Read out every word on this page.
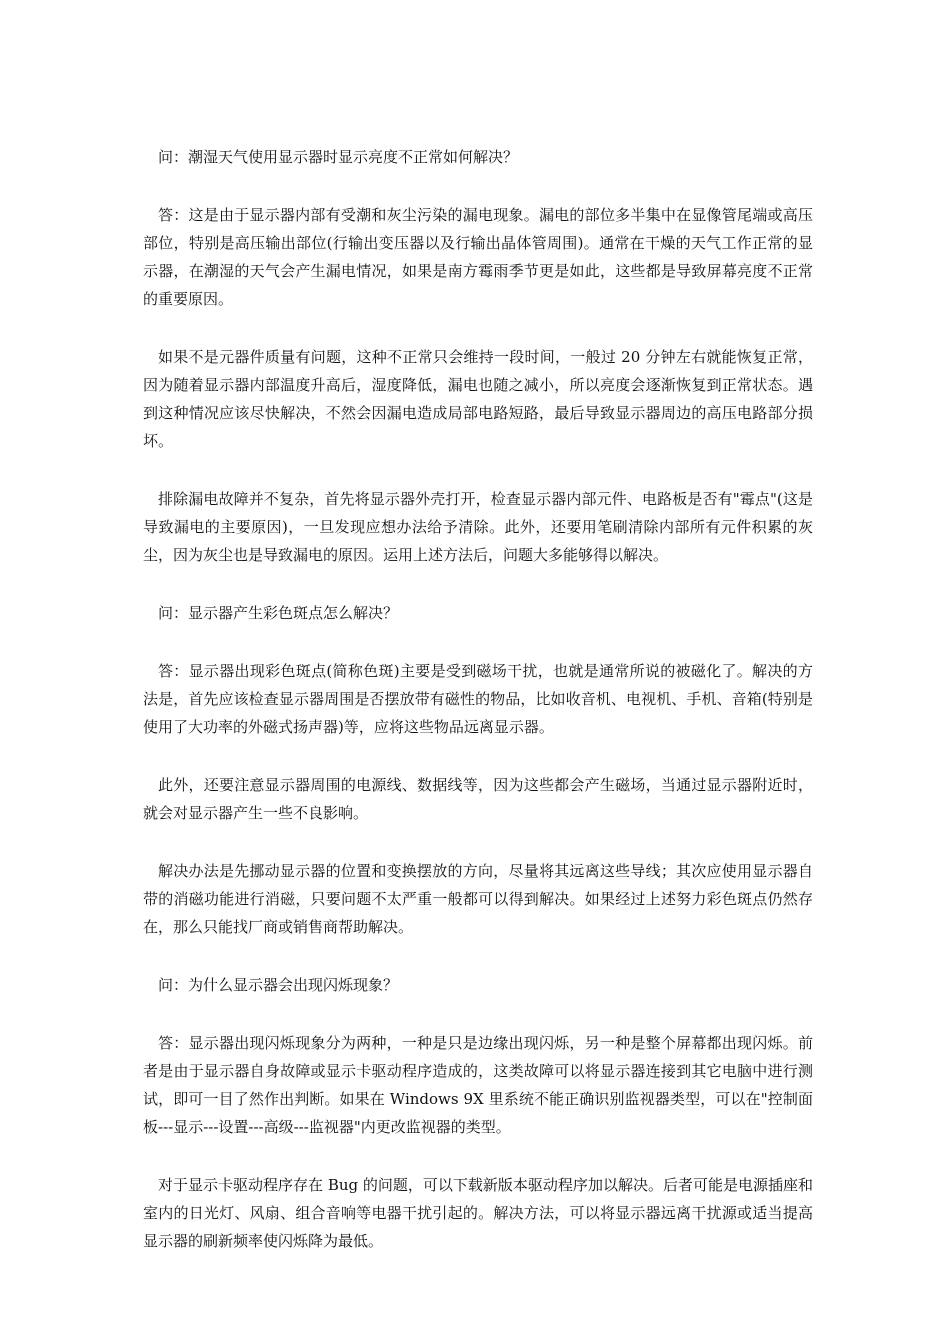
问：潮湿天气使用显示器时显示亮度不正常如何解决？

答：这是由于显示器内部有受潮和灰尘污染的漏电现象。漏电的部位多半集中在显像管尾端或高压部位，特别是高压输出部位(行输出变压器以及行输出晶体管周围)。通常在干燥的天气工作正常的显示器，在潮湿的天气会产生漏电情况，如果是南方霉雨季节更是如此，这些都是导致屏幕亮度不正常的重要原因。

如果不是元器件质量有问题，这种不正常只会维持一段时间，一般过 20 分钟左右就能恢复正常，因为随着显示器内部温度升高后，湿度降低，漏电也随之减小，所以亮度会逐渐恢复到正常状态。遇到这种情况应该尽快解决，不然会因漏电造成局部电路短路，最后导致显示器周边的高压电路部分损坏。

排除漏电故障并不复杂，首先将显示器外壳打开，检查显示器内部元件、电路板是否有"霉点"(这是导致漏电的主要原因)，一旦发现应想办法给予清除。此外，还要用笔刷清除内部所有元件积累的灰尘，因为灰尘也是导致漏电的原因。运用上述方法后，问题大多能够得以解决。

问：显示器产生彩色斑点怎么解决？

答：显示器出现彩色斑点(简称色斑)主要是受到磁场干扰，也就是通常所说的被磁化了。解决的方法是，首先应该检查显示器周围是否摆放带有磁性的物品，比如收音机、电视机、手机、音箱(特别是使用了大功率的外磁式扬声器)等，应将这些物品远离显示器。

此外，还要注意显示器周围的电源线、数据线等，因为这些都会产生磁场，当通过显示器附近时，就会对显示器产生一些不良影响。

解决办法是先挪动显示器的位置和变换摆放的方向，尽量将其远离这些导线；其次应使用显示器自带的消磁功能进行消磁，只要问题不太严重一般都可以得到解决。如果经过上述努力彩色斑点仍然存在，那么只能找厂商或销售商帮助解决。

问：为什么显示器会出现闪烁现象？

答：显示器出现闪烁现象分为两种，一种是只是边缘出现闪烁，另一种是整个屏幕都出现闪烁。前者是由于显示器自身故障或显示卡驱动程序造成的，这类故障可以将显示器连接到其它电脑中进行测试，即可一目了然作出判断。如果在 Windows 9X 里系统不能正确识别监视器类型，可以在"控制面板---显示---设置---高级---监视器"内更改监视器的类型。

对于显示卡驱动程序存在 Bug 的问题，可以下载新版本驱动程序加以解决。后者可能是电源插座和室内的日光灯、风扇、组合音响等电器干扰引起的。解决方法，可以将显示器远离干扰源或适当提高显示器的刷新频率使闪烁降为最低。
